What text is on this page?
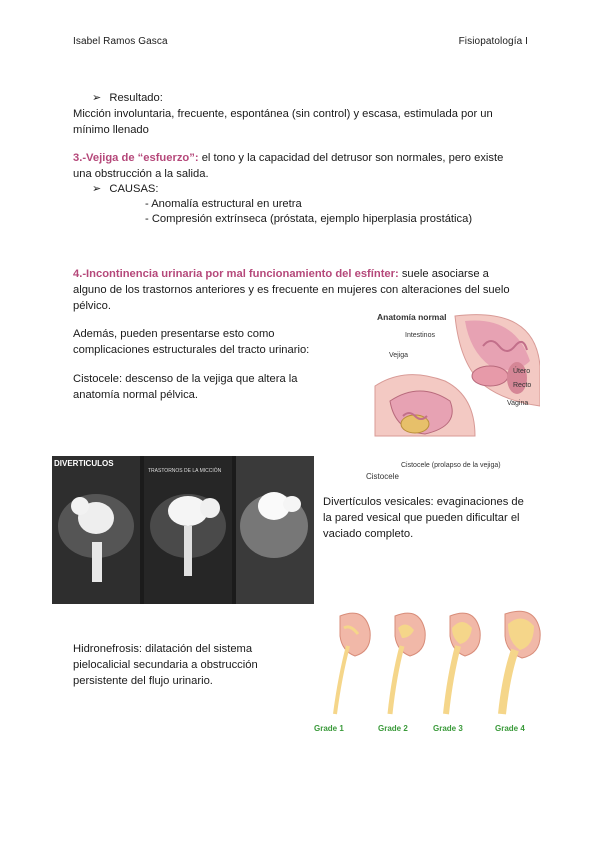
Isabel Ramos Gasca	Fisiopatología I
➢ Resultado:
Micción involuntaria, frecuente, espontánea (sin control) y escasa, estimulada por un mínimo llenado
3.-Vejiga de “esfuerzo”: el tono y la capacidad del detrusor son normales, pero existe una obstrucción a la salida.
➢ CAUSAS:
- Anomalía estructural en uretra
- Compresión extrínseca (próstata, ejemplo hiperplasia prostática)
4.-Incontinencia urinaria por mal funcionamiento del esfínter: suele asociarse a alguno de los trastornos anteriores y es frecuente en mujeres con alteraciones del suelo pélvico.
Además, pueden presentarse esto como complicaciones estructurales del tracto urinario:
Cistocele: descenso de la vejiga que altera la anatomía normal pélvica.
Anatomía normal
Intestinos
Vejiga
Útero
Recto
Vagina
Cistocele (prolapso de la vejiga)
Cistocele
DIVERTICULOS
TRASTORNOS DE LA MICCIÓN
Divertículos vesicales: evaginaciones de la pared vesical que pueden dificultar el vaciado completo.
Hidronefrosis: dilatación del sistema pielocalicial secundaria a obstrucción persistente del flujo urinario.
Grade 1	Grade 2	Grade 3	Grade 4
